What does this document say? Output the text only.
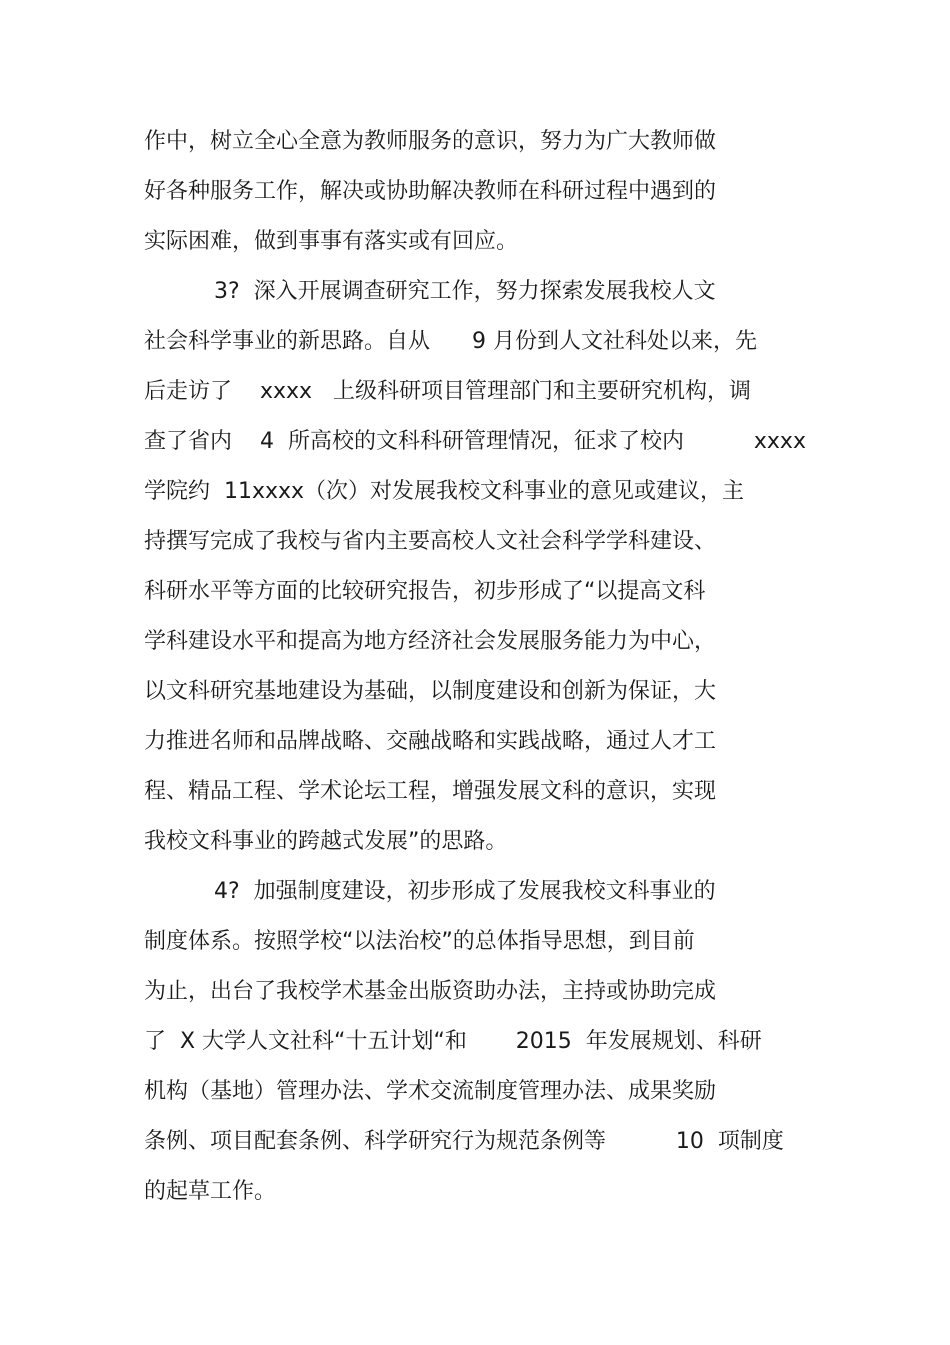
作中，树立全心全意为教师服务的意识，努力为广大教师做
好各种服务工作，解决或协助解决教师在科研过程中遇到的
实际困难，做到事事有落实或有回应。
3?  深入开展调查研究工作，努力探索发展我校人文
社会科学事业的新思路。自从      9 月份到人文社科处以来，先
后走访了    xxxx   上级科研项目管理部门和主要研究机构，调
查了省内    4  所高校的文科科研管理情况，征求了校内          xxxx
学院约  11xxxx（次）对发展我校文科事业的意见或建议，主
持撰写完成了我校与省内主要高校人文社会科学学科建设、
科研水平等方面的比较研究报告，初步形成了“以提高文科
学科建设水平和提高为地方经济社会发展服务能力为中心，
以文科研究基地建设为基础，以制度建设和创新为保证，大
力推进名师和品牌战略、交融战略和实践战略，通过人才工
程、精品工程、学术论坛工程，增强发展文科的意识，实现
我校文科事业的跨越式发展”的思路。
4?  加强制度建设，初步形成了发展我校文科事业的
制度体系。按照学校“以法治校”的总体指导思想，到目前
为止，出台了我校学术基金出版资助办法，主持或协助完成
了  X 大学人文社科“十五计划“和       2015  年发展规划、科研
机构（基地）管理办法、学术交流制度管理办法、成果奖励
条例、项目配套条例、科学研究行为规范条例等          10  项制度
的起草工作。
